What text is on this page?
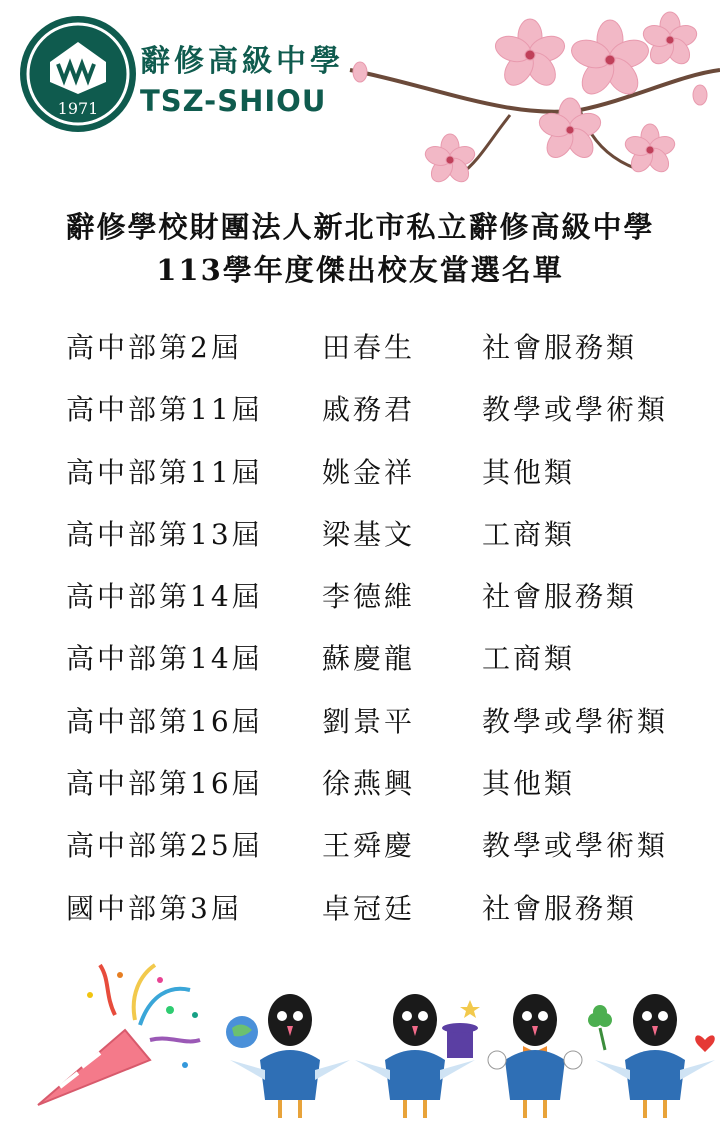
1971
辭修高級中學
TSZ-SHIOU
辭修學校財團法人新北市私立辭修高級中學
113學年度傑出校友當選名單
高中部第2屆	田春生 社會服務類
高中部第11屆 戚務君 教學或學術類
高中部第11屆 姚金祥 其他類
高中部第13屆 梁基文 工商類
高中部第14屆 李德維 社會服務類
高中部第14屆 蘇慶龍 工商類
高中部第16屆 劉景平 教學或學術類
高中部第16屆 徐燕興 其他類
高中部第25屆 王舜慶 教學或學術類
國中部第3屆	卓冠廷 社會服務類
